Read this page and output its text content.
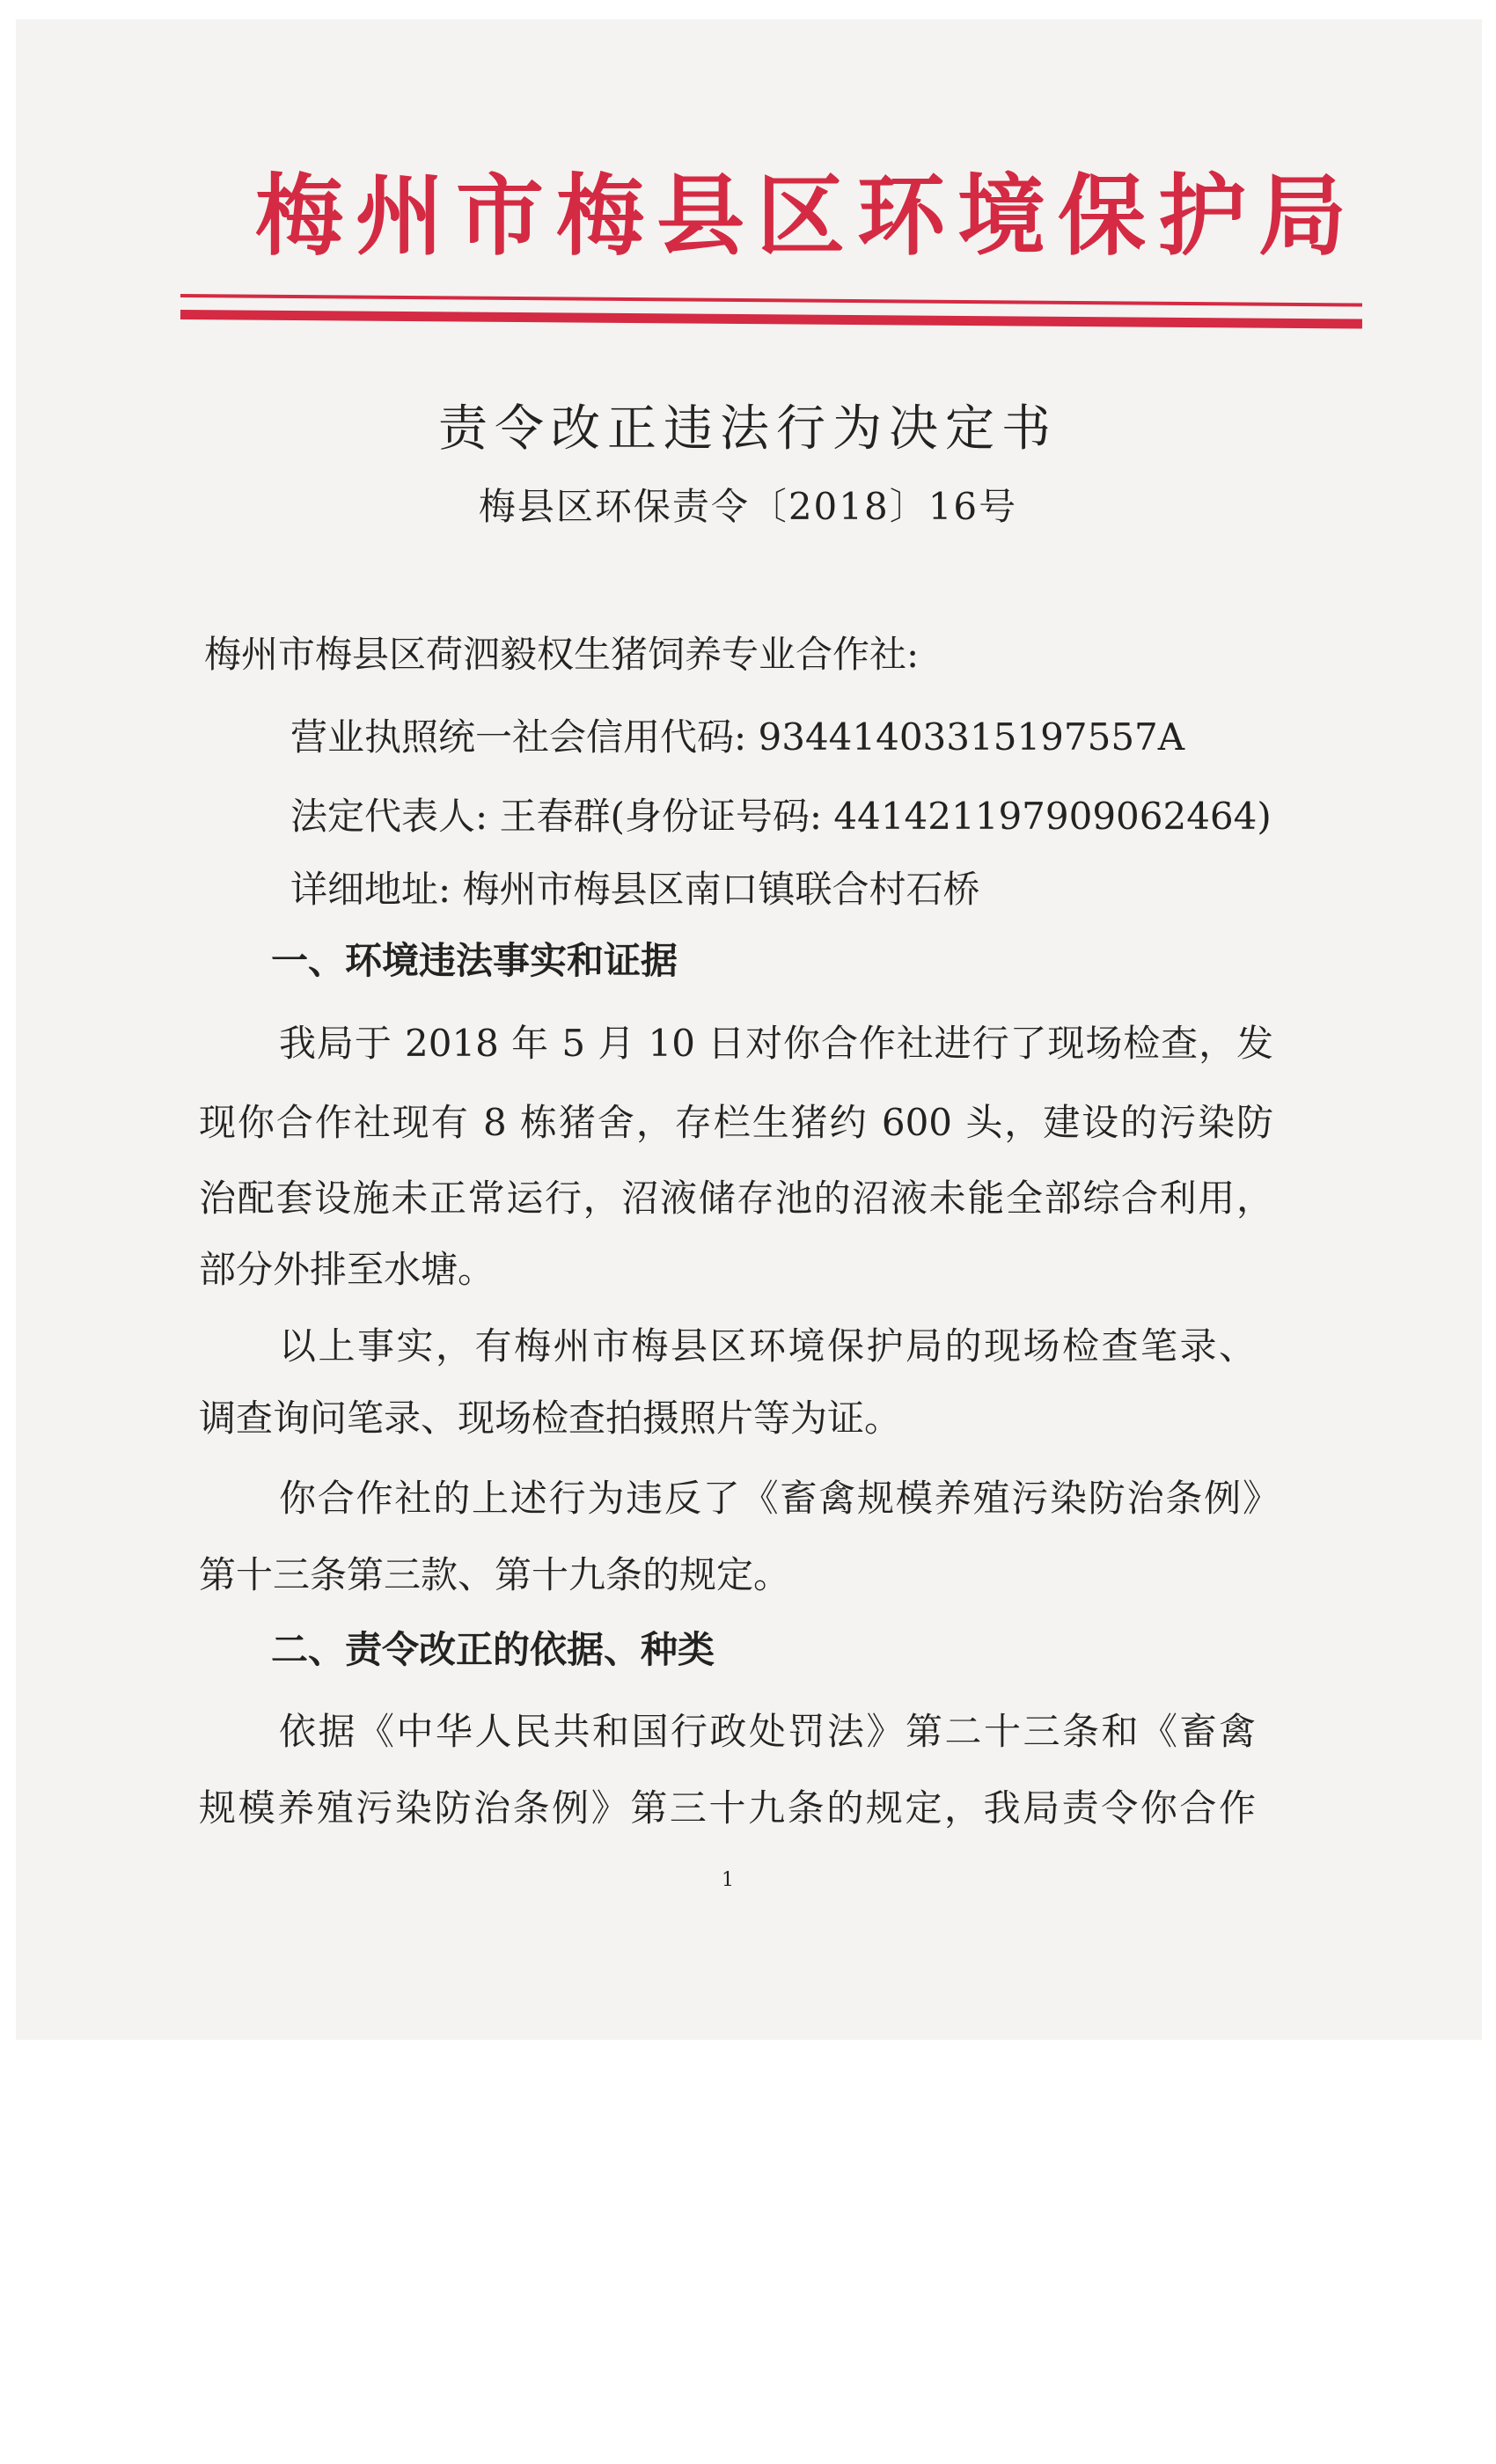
梅州市梅县区环境保护局
责令改正违法行为决定书
梅县区环保责令〔2018〕16号
梅州市梅县区荷泗毅权生猪饲养专业合作社:
营业执照统一社会信用代码: 93441403315197557A
法定代表人: 王春群(身份证号码: 441421197909062464)
详细地址: 梅州市梅县区南口镇联合村石桥
一、环境违法事实和证据
我局于 2018 年 5 月 10 日对你合作社进行了现场检查，发
现你合作社现有 8 栋猪舍，存栏生猪约 600 头，建设的污染防
治配套设施未正常运行，沼液储存池的沼液未能全部综合利用，
部分外排至水塘。
以上事实，有梅州市梅县区环境保护局的现场检查笔录、
调查询问笔录、现场检查拍摄照片等为证。
你合作社的上述行为违反了《畜禽规模养殖污染防治条例》
第十三条第三款、第十九条的规定。
二、责令改正的依据、种类
依据《中华人民共和国行政处罚法》第二十三条和《畜禽
规模养殖污染防治条例》第三十九条的规定，我局责令你合作
1
